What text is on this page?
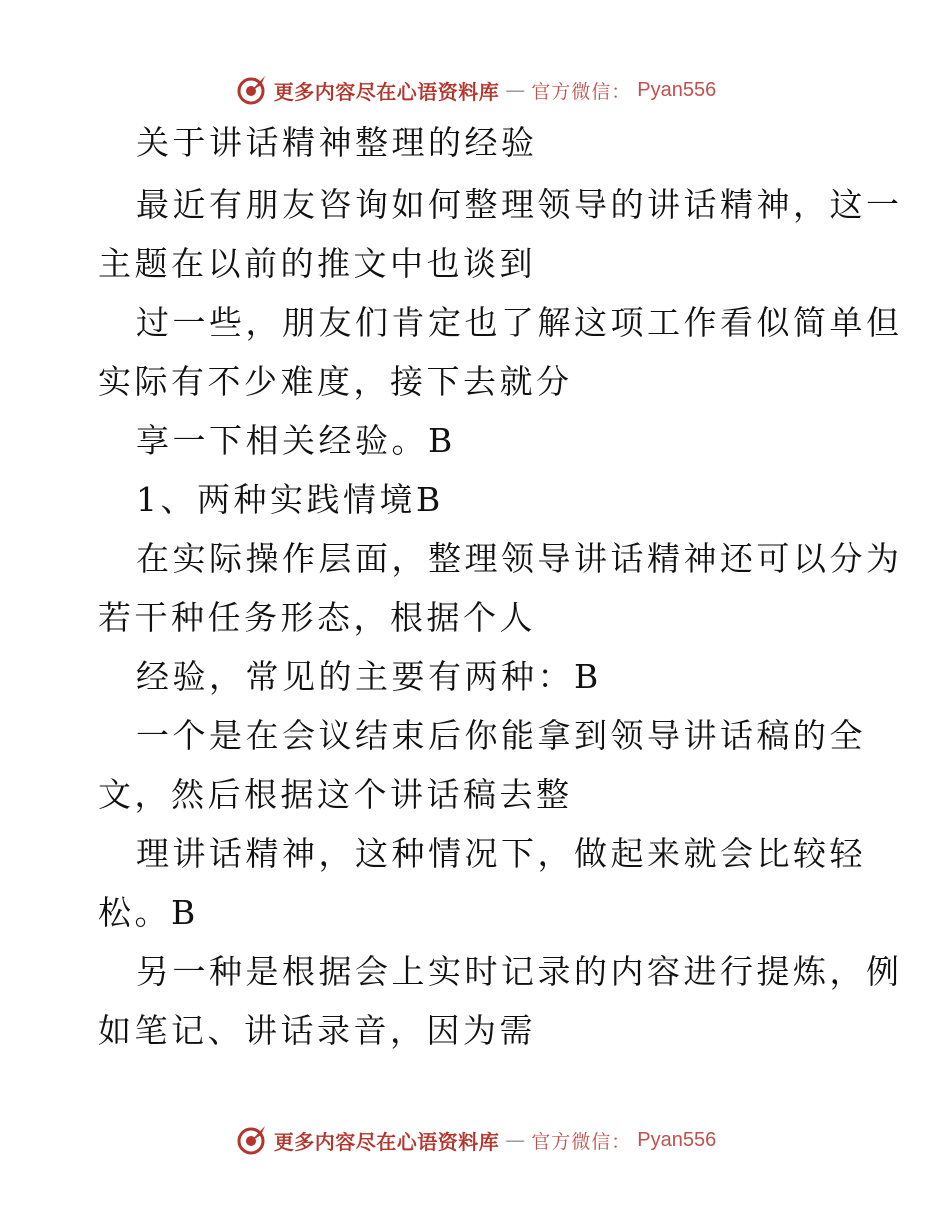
更多内容尽在心语资料库 — 官方微信： Pyan556
关于讲话精神整理的经验
最近有朋友咨询如何整理领导的讲话精神，这一
主题在以前的推文中也谈到
过一些，朋友们肯定也了解这项工作看似简单但
实际有不少难度，接下去就分
享一下相关经验。B
1、两种实践情境B
在实际操作层面，整理领导讲话精神还可以分为
若干种任务形态，根据个人
经验，常见的主要有两种：B
一个是在会议结束后你能拿到领导讲话稿的全
文，然后根据这个讲话稿去整
理讲话精神，这种情况下，做起来就会比较轻
松。B
另一种是根据会上实时记录的内容进行提炼，例
如笔记、讲话录音，因为需
更多内容尽在心语资料库 — 官方微信： Pyan556
